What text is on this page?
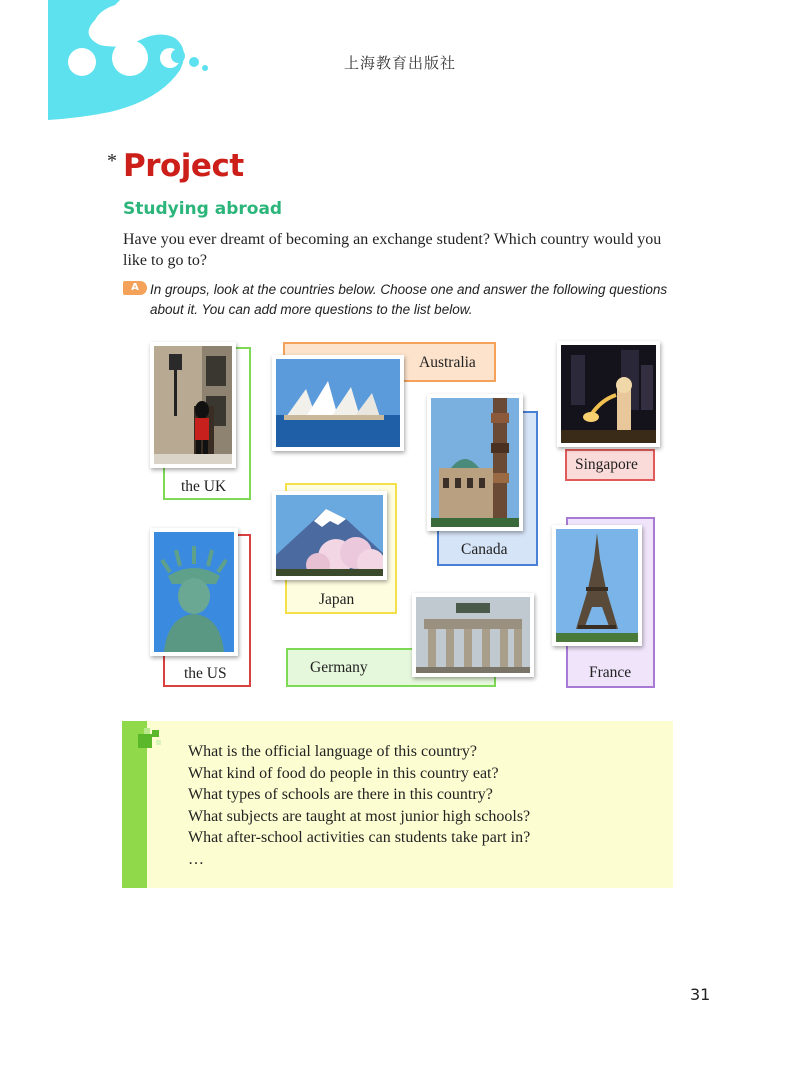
上海教育出版社
* Project
Studying abroad
Have you ever dreamt of becoming an exchange student? Which country would you like to go to?
A In groups, look at the countries below. Choose one and answer the following questions about it. You can add more questions to the list below.
the UK
Australia
Singapore
Canada
Japan
the US	Germany	France
What is the official language of this country?
What kind of food do people in this country eat?
What types of schools are there in this country?
What subjects are taught at most junior high schools?
What after-school activities can students take part in?
…
31
